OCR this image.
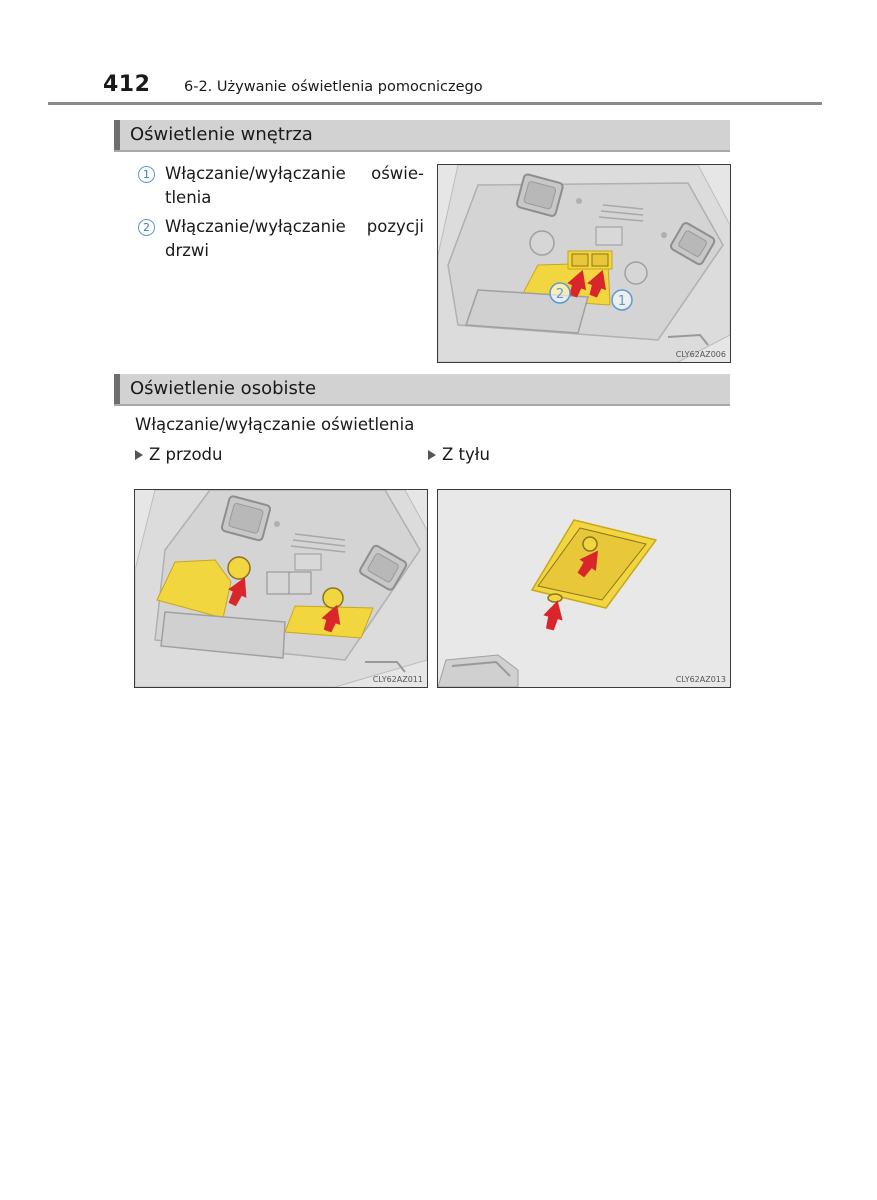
412 6-2. Używanie oświetlenia pomocniczego
Oświetlenie wnętrza
1 Włączanie/wyłączanie oświe-tlenia
2 Włączanie/wyłączanie pozycji drzwi
2	1
CLY62AZ006
Oświetlenie osobiste
Włączanie/wyłączanie oświetlenia
Z przodu	Z tyłu
CLY62AZ011	CLY62AZ013
